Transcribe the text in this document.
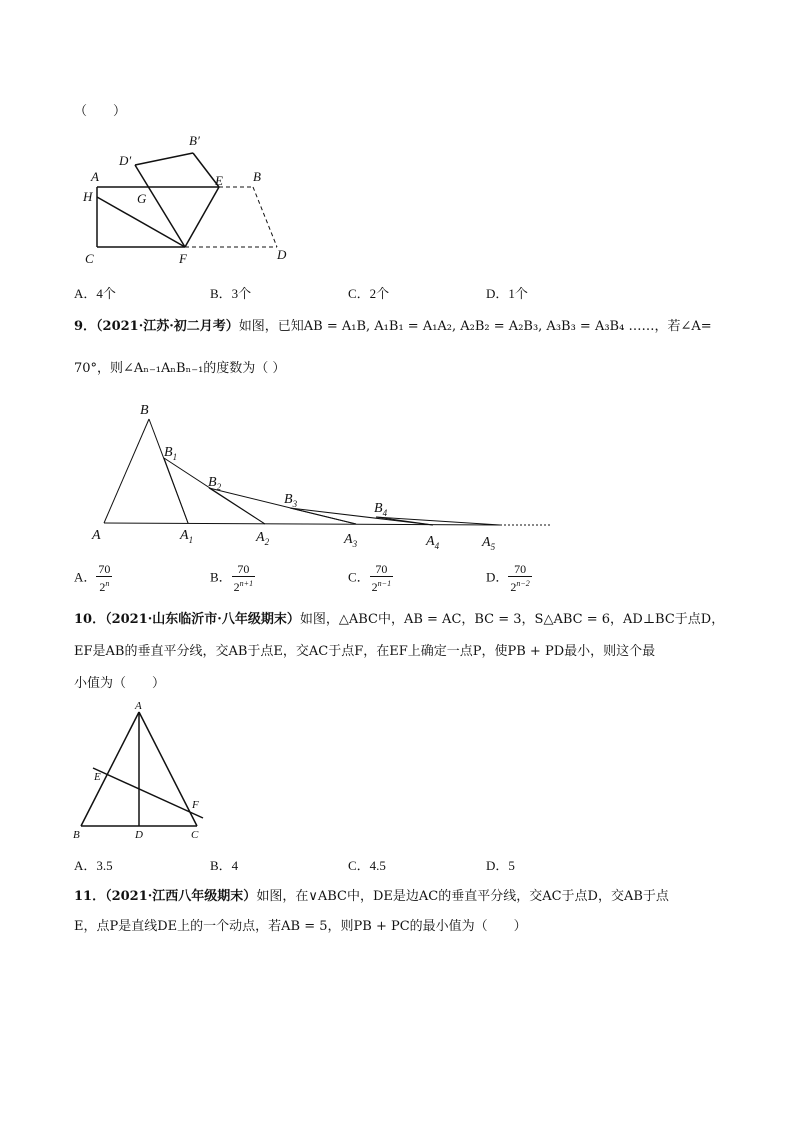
（　　）
A
B′
D′
E B
H	G
C	F	D
A．4个	B．3个	C．2个	D．1个
9．（2021·江苏·初二月考）如图，已知AB = A₁B, A₁B₁ = A₁A₂, A₂B₂ = A₂B₃, A₃B₃ = A₃B₄ ……，若∠A=
70°，则∠Aₙ₋₁AₙBₙ₋₁的度数为（ ）
B
$B_1$
$B_2$
$B_3$	$B_4$
A	$A_1$	$A_2$	$A_3$	$A_4$	$A_5$
A． $\frac{70}{2^n}$	B． $\frac{70}{2^{n+1}}$	C． $\frac{70}{2^{n-1}}$	D． $\frac{70}{2^{n-2}}$
10．（2021·山东临沂市·八年级期末）如图，△ABC中，AB = AC，BC = 3，S△ABC = 6，AD⊥BC于点D，
EF是AB的垂直平分线，交AB于点E，交AC于点F，在EF上确定一点P，使PB + PD最小，则这个最
小值为（　　）
A
E
F
B	D	C
A．3.5	B．4	C．4.5	D．5
11．（2021·江西八年级期末）如图，在∨ABC中，DE是边AC的垂直平分线，交AC于点D，交AB于点
E，点P是直线DE上的一个动点，若AB = 5，则PB + PC的最小值为（　　）
